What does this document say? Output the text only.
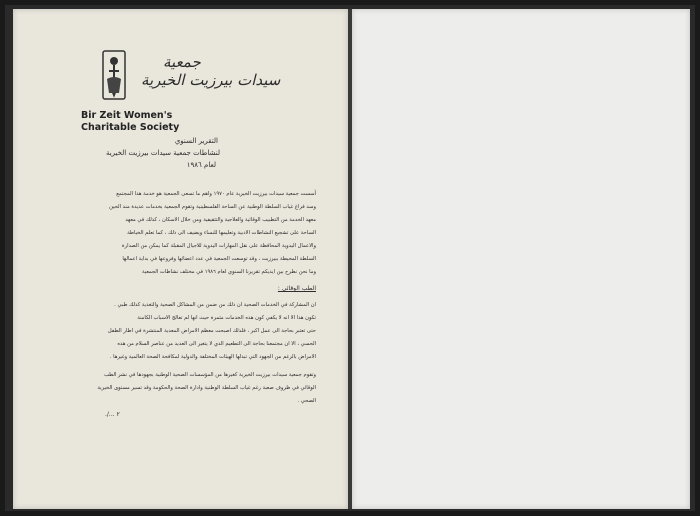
جمعية
سيدات بيرزيت الخيرية
Bir Zeit Women's
Charitable Society
التقرير السنوي
لنشاطات جمعية سيدات بيرزيت الخيرية
لعام ١٩٨٦
أسست جمعية سيدات بيرزيت الخيرية عام ١٩٧٠ واهم ما تسعى الجمعية هو خدمة هذا المجتمع
وسد فراغ غياب السلطة الوطنية عن الساحة الفلسطينية وتقوم الجمعية بخدمات عديدة منذ الحين
معهد الخدمة من التطبيب الوقائية والعلاجية والتثقيفية ومن خلال الاسكان ، كذلك في معهد
الساحة على تشجيع النشاطات الادبية وتعليمها للنساء ويضيف الى ذلك ، كما تعلم الخياطة
والاعمال اليدوية المحافظة على نقل المهارات اليدوية للاجيال المقبلة كما يمكن من الصدارة
السلطة المحيطة ببيرزيت ، وقد توسعت الجمعية في عدد اعضائها وفروعها في بداية اعمالها
وما نحن نطرح بين ايديكم تقريرنا السنوي لعام ١٩٨٦ في مختلف نشاطات الجمعية
الطب الوقائي :
ان المشاركة في الخدمات الصحية ان ذلك من ضمن من المشاكل الصحية والتغذية كذلك طبي .
تكون هذا الا انه لا يكفي كون هذه الخدمات مثمرة حيث انها لم تعالج الاسباب الكامنة
حتى تعتبر بحاجة الى عمل اكبر ، فلذلك اصبحت معظم الامراض المعدية المنتشرة في اطار الطفل
الحسي ، الا ان مجتمعنا بحاجة الى التطعيم الذي لا يتغير الى العديد من عناصر السلام من هذه
الامراض بالرغم من الجهود التي تبذلها الهيئات المختلفة والدولية لمكافحة الصحة العالمية وغيرها .
وتقوم جمعية سيدات بيرزيت الخيرية كغيرها من المؤسسات الصحية الوطنية بجهودها في نشر الطب
الوقائي في ظروف صعبة رغم غياب السلطة الوطنية وادارة الصحة والحكومة وقد تسير مستوى الخيرية
الصحي .
./... ٢
